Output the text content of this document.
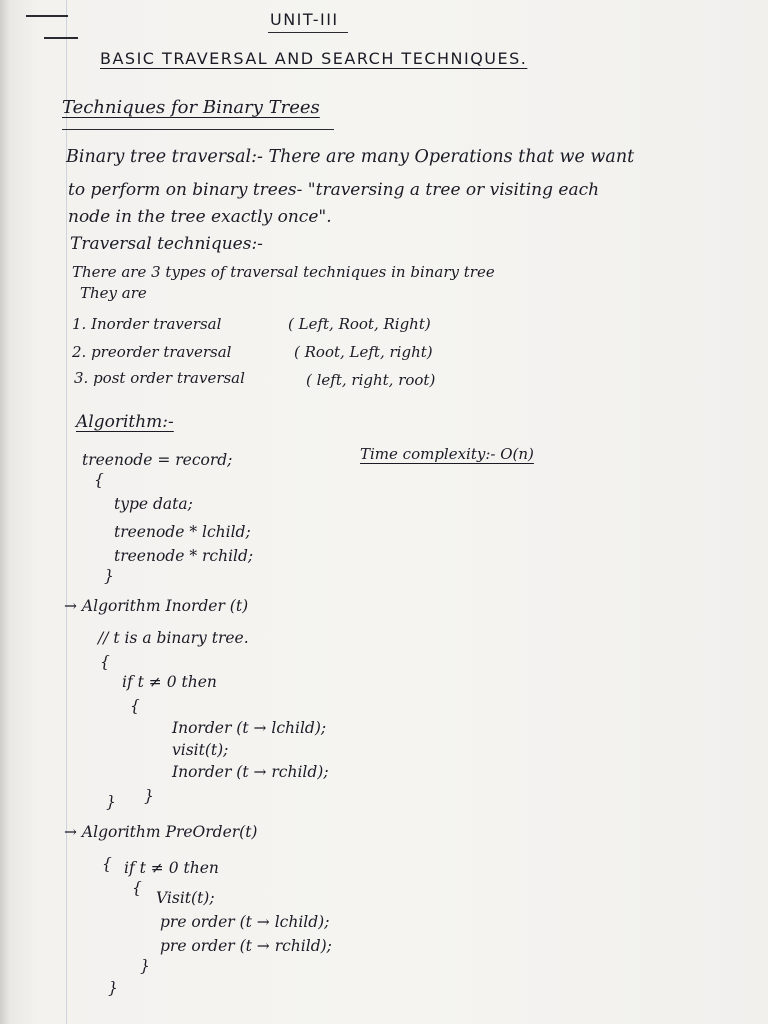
UNIT-III
BASIC TRAVERSAL AND SEARCH TECHNIQUES.
Techniques for Binary Trees
Binary tree traversal:- There are many Operations that we want
to perform on binary trees- "traversing a tree or visiting each
node in the tree exactly once".
Traversal techniques:-
There are 3 types of traversal techniques in binary tree
They are
1. Inorder traversal	( Left, Root, Right)
2. preorder traversal	( Root, Left, right)
3. post order traversal	( left, right, root)
Algorithm:-
Time complexity:- O(n)
treenode = record;
{
type data;
treenode * lchild;
treenode * rchild;
}
→ Algorithm Inorder (t)
// t is a binary tree.
{
if t ≠ 0 then
{
Inorder (t → lchild);
visit(t);
Inorder (t → rchild);
}
}
→ Algorithm PreOrder(t)
{ if t ≠ 0 then
{
Visit(t);
pre order (t → lchild);
pre order (t → rchild);
}
}
